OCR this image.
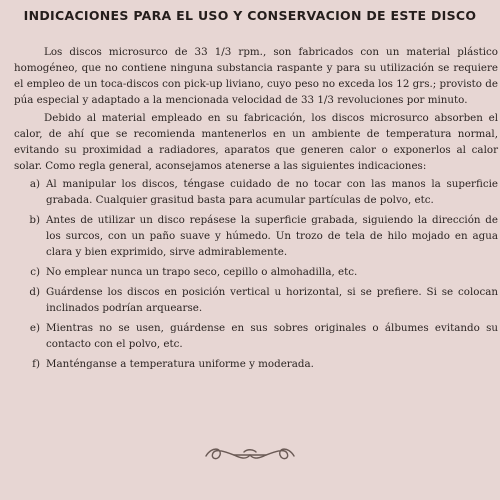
INDICACIONES PARA EL USO Y CONSERVACION DE ESTE DISCO

Los discos microsurco de 33 1/3 rpm., son fabricados con un material plástico homogéneo, que no contiene ninguna substancia raspante y para su utilización se requiere el empleo de un toca-discos con pick-up liviano, cuyo peso no exceda los 12 grs.; provisto de púa especial y adaptado a la mencionada velocidad de 33 1/3 revoluciones por minuto.

Debido al material empleado en su fabricación, los discos microsurco absorben el calor, de ahí que se recomienda mantenerlos en un ambiente de temperatura normal, evitando su proximidad a radiadores, aparatos que generen calor o exponerlos al calor solar. Como regla general, aconsejamos atenerse a las siguientes indicaciones:

a) Al manipular los discos, téngase cuidado de no tocar con las manos la superficie grabada. Cualquier grasitud basta para acumular partículas de polvo, etc.
b) Antes de utilizar un disco repásese la superficie grabada, siguiendo la dirección de los surcos, con un paño suave y húmedo. Un trozo de tela de hilo mojado en agua clara y bien exprimido, sirve admirablemente.
c) No emplear nunca un trapo seco, cepillo o almohadilla, etc.
d) Guárdense los discos en posición vertical u horizontal, si se prefiere. Si se colocan inclinados podrían arquearse.
e) Mientras no se usen, guárdense en sus sobres originales o álbumes evitando su contacto con el polvo, etc.
f) Manténganse a temperatura uniforme y moderada.
